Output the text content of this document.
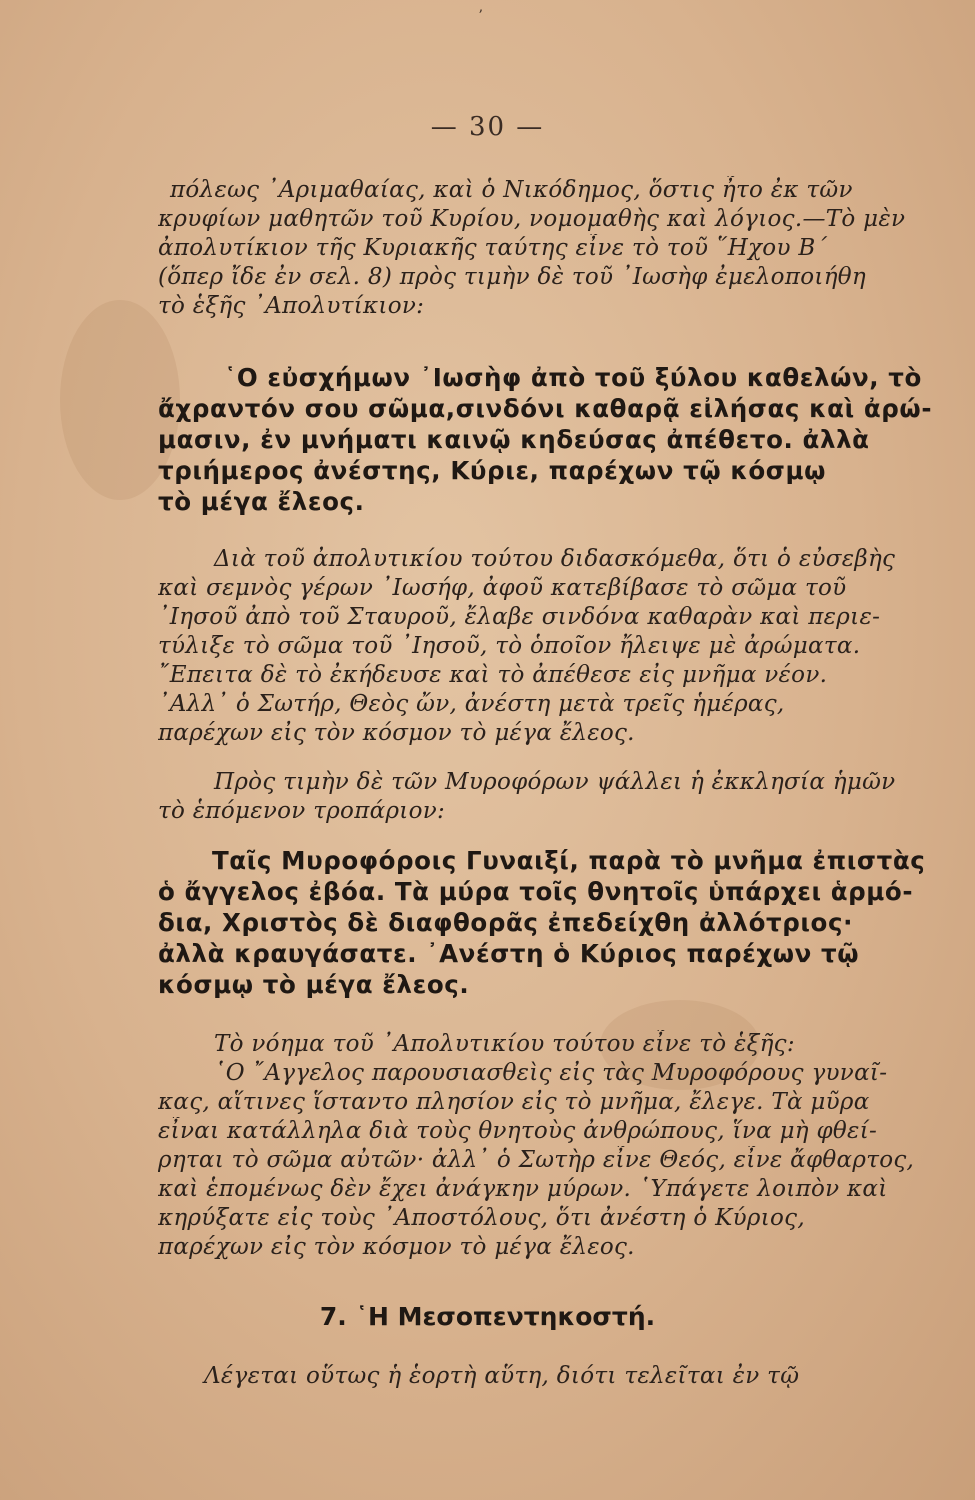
ʼ
— 30 —
πόλεως ᾿Αριμαθαίας, καὶ ὁ Νικόδημος, ὅστις ἦτο ἐκ τῶν
κρυφίων μαθητῶν τοῦ Κυρίου, νομομαθὴς καὶ λόγιος.—Τὸ μὲν
ἀπολυτίκιον τῆς Κυριακῆς ταύτης εἶνε τὸ τοῦ ῞Ηχου Β΄
(ὅπερ ἴδε ἐν σελ. 8) πρὸς τιμὴν δὲ τοῦ ᾿Ιωσὴφ ἐμελοποιήθη
τὸ ἑξῆς ᾿Απολυτίκιον:
῾Ο εὐσχήμων ᾿Ιωσὴφ ἀπὸ τοῦ ξύλου καθελών, τὸ
ἄχραντόν σου σῶμα,σινδόνι καθαρᾷ εἰλήσας καὶ ἀρώ-
μασιν, ἐν μνήματι καινῷ κηδεύσας ἀπέθετο. ἀλλὰ
τριήμερος ἀνέστης, Κύριε, παρέχων τῷ κόσμῳ
τὸ μέγα ἔλεος.
Διὰ τοῦ ἀπολυτικίου τούτου διδασκόμεθα, ὅτι ὁ εὐσεβὴς
καὶ σεμνὸς γέρων ᾿Ιωσήφ, ἀφοῦ κατεβίβασε τὸ σῶμα τοῦ
᾿Ιησοῦ ἀπὸ τοῦ Σταυροῦ, ἔλαβε σινδόνα καθαρὰν καὶ περιε-
τύλιξε τὸ σῶμα τοῦ ᾿Ιησοῦ, τὸ ὁποῖον ἤλειψε μὲ ἀρώματα.
῎Επειτα δὲ τὸ ἐκήδευσε καὶ τὸ ἀπέθεσε εἰς μνῆμα νέον.
᾿Αλλ᾿ ὁ Σωτήρ, Θεὸς ὤν, ἀνέστη μετὰ τρεῖς ἡμέρας,
παρέχων εἰς τὸν κόσμον τὸ μέγα ἔλεος.
Πρὸς τιμὴν δὲ τῶν Μυροφόρων ψάλλει ἡ ἐκκλησία ἡμῶν
τὸ ἑπόμενον τροπάριον:
Ταῖς Μυροφόροις Γυναιξί, παρὰ τὸ μνῆμα ἐπιστὰς
ὁ ἄγγελος ἐβόα. Τὰ μύρα τοῖς θνητοῖς ὑπάρχει ἁρμό-
δια, Χριστὸς δὲ διαφθορᾶς ἐπεδείχθη ἀλλότριος·
ἀλλὰ κραυγάσατε. ᾿Ανέστη ὁ Κύριος παρέχων τῷ
κόσμῳ τὸ μέγα ἔλεος.
Τὸ νόημα τοῦ ᾿Απολυτικίου τούτου εἶνε τὸ ἑξῆς:
῾Ο ῎Αγγελος παρουσιασθεὶς εἰς τὰς Μυροφόρους γυναῖ-
κας, αἵτινες ἵσταντο πλησίον εἰς τὸ μνῆμα, ἔλεγε. Τὰ μῦρα
εἶναι κατάλληλα διὰ τοὺς θνητοὺς ἀνθρώπους, ἵνα μὴ φθεί-
ρηται τὸ σῶμα αὐτῶν· ἀλλ᾿ ὁ Σωτὴρ εἶνε Θεός, εἶνε ἄφθαρτος,
καὶ ἑπομένως δὲν ἔχει ἀνάγκην μύρων. ῾Υπάγετε λοιπὸν καὶ
κηρύξατε εἰς τοὺς ᾿Αποστόλους, ὅτι ἀνέστη ὁ Κύριος,
παρέχων εἰς τὸν κόσμον τὸ μέγα ἔλεος.
7. ῾Η Μεσοπεντηκοστή.
Λέγεται οὕτως ἡ ἑορτὴ αὕτη, διότι τελεῖται ἐν τῷ
